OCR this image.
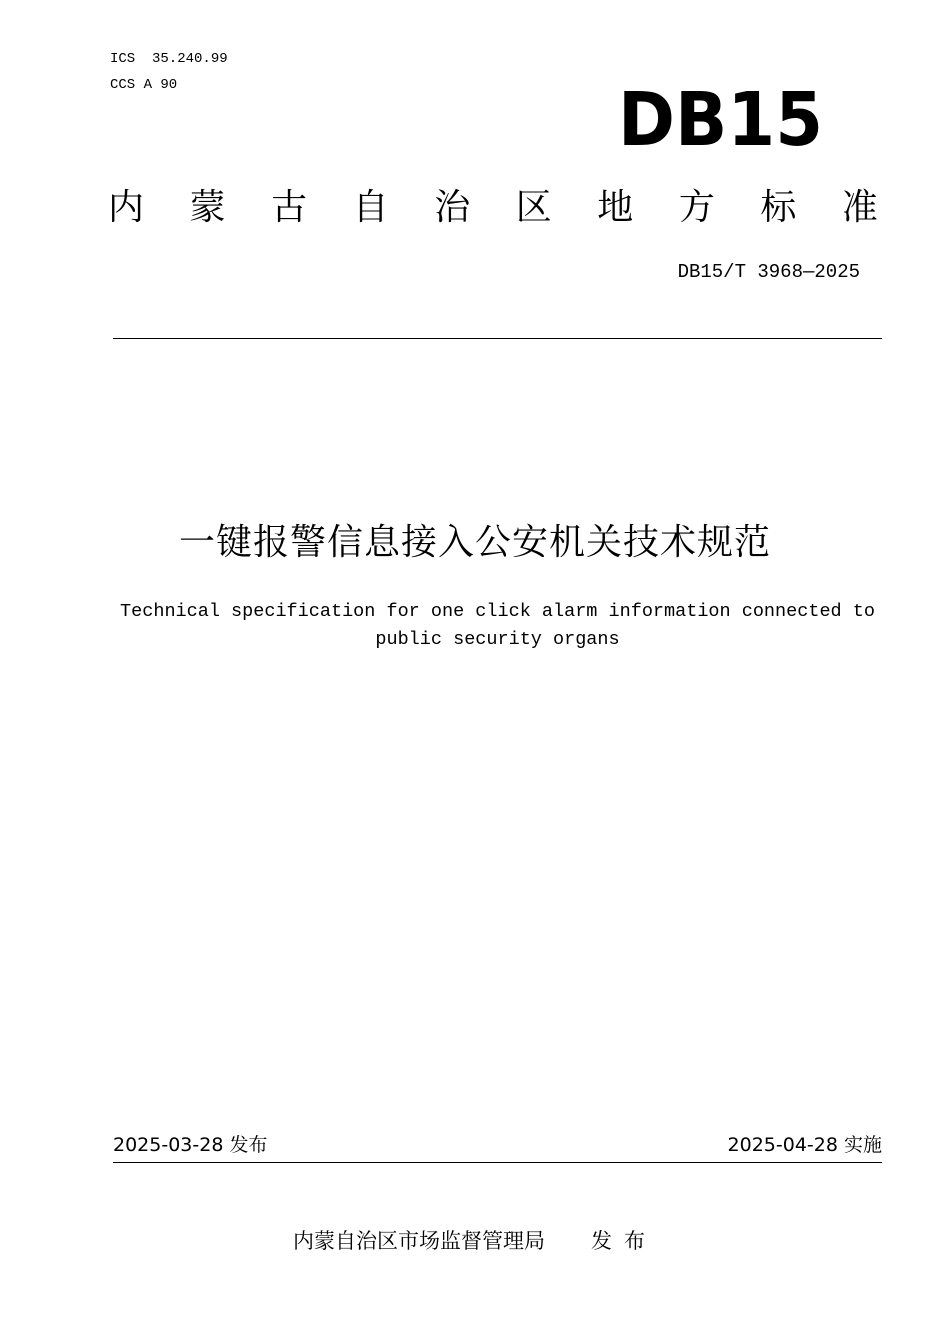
ICS  35.240.99
CCS A 90	DB15
内 蒙 古 自 治 区 地 方 标 准
DB15/T 3968—2025
一键报警信息接入公安机关技术规范
Technical specification for one click alarm information connected to
public security organs
2025-03-28 发布	2025-04-28 实施
内蒙自治区市场监督管理局 发布
